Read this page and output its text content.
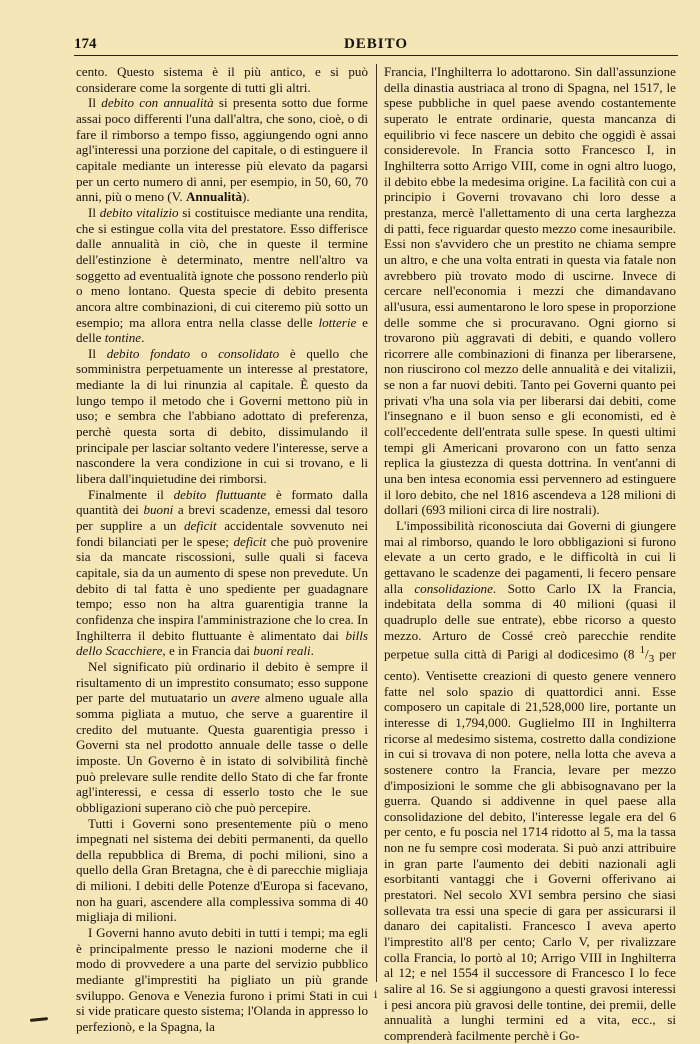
174	DEBITO

cento. Questo sistema è il più antico, e si può considerare come la sorgente di tutti gli altri.

Il debito con annualità si presenta sotto due forme assai poco differenti l'una dall'altra, che sono, cioè, o di fare il rimborso a tempo fisso, aggiungendo ogni anno agl'interessi una porzione del capitale, o di estinguere il capitale mediante un interesse più elevato da pagarsi per un certo numero di anni, per esempio, in 50, 60, 70 anni, più o meno (V. Annualità).

Il debito vitalizio si costituisce mediante una rendita, che si estingue colla vita del prestatore. Esso differisce dalle annualità in ciò, che in queste il termine dell'estinzione è determinato, mentre nell'altro va soggetto ad eventualità ignote che possono renderlo più o meno lontano. Questa specie di debito presenta ancora altre combinazioni, di cui citeremo più sotto un esempio; ma allora entra nella classe delle lotterie e delle tontine.

Il debito fondato o consolidato è quello che somministra perpetuamente un interesse al prestatore, mediante la di lui rinunzia al capitale. È questo da lungo tempo il metodo che i Governi mettono più in uso; e sembra che l'abbiano adottato di preferenza, perchè questa sorta di debito, dissimulando il principale per lasciar soltanto vedere l'interesse, serve a nascondere la vera condizione in cui si trovano, e li libera dall'inquietudine dei rimborsi.

Finalmente il debito fluttuante è formato dalla quantità dei buoni a brevi scadenze, emessi dal tesoro per supplire a un deficit accidentale sovvenuto nei fondi bilanciati per le spese; deficit che può provenire sia da mancate riscossioni, sulle quali si faceva capitale, sia da un aumento di spese non prevedute. Un debito di tal fatta è uno spediente per guadagnare tempo; esso non ha altra guarentigia tranne la confidenza che inspira l'amministrazione che lo crea. In Inghilterra il debito fluttuante è alimentato dai bills dello Scacchiere, e in Francia dai buoni reali.

Nel significato più ordinario il debito è sempre il risultamento di un imprestito consumato; esso suppone per parte del mutuatario un avere almeno uguale alla somma pigliata a mutuo, che serve a guarentire il credito del mutuante. Questa guarentigia presso i Governi sta nel prodotto annuale delle tasse o delle imposte. Un Governo è in istato di solvibilità finchè può prelevare sulle rendite dello Stato di che far fronte agl'interessi, e cessa di esserlo tosto che le sue obbligazioni superano ciò che può percepire.

Tutti i Governi sono presentemente più o meno impegnati nel sistema dei debiti permanenti, da quello della repubblica di Brema, di pochi milioni, sino a quello della Gran Bretagna, che è di parecchie migliaja di milioni. I debiti delle Potenze d'Europa si facevano, non ha guari, ascendere alla complessiva somma di 40 migliaja di milioni.

I Governi hanno avuto debiti in tutti i tempi; ma egli è principalmente presso le nazioni moderne che il modo di provvedere a una parte del servizio pubblico mediante gl'imprestiti ha pigliato un più grande sviluppo. Genova e Venezia furono i primi Stati in cui si vide praticare questo sistema; l'Olanda in appresso lo perfezionò, e la Spagna, la

Francia, l'Inghilterra lo adottarono. Sin dall'assunzione della dinastia austriaca al trono di Spagna, nel 1517, le spese pubbliche in quel paese avendo costantemente superato le entrate ordinarie, questa mancanza di equilibrio vi fece nascere un debito che oggidì è assai considerevole. In Francia sotto Francesco I, in Inghilterra sotto Arrigo VIII, come in ogni altro luogo, il debito ebbe la medesima origine. La facilità con cui a principio i Governi trovavano chi loro desse a prestanza, mercè l'allettamento di una certa larghezza di patti, fece riguardar questo mezzo come inesauribile. Essi non s'avvidero che un prestito ne chiama sempre un altro, e che una volta entrati in questa via fatale non avrebbero più trovato modo di uscirne. Invece di cercare nell'economia i mezzi che dimandavano all'usura, essi aumentarono le loro spese in proporzione delle somme che si procuravano. Ogni giorno si trovarono più aggravati di debiti, e quando vollero ricorrere alle combinazioni di finanza per liberarsene, non riuscirono col mezzo delle annualità e dei vitalizii, se non a far nuovi debiti. Tanto pei Governi quanto pei privati v'ha una sola via per liberarsi dai debiti, come l'insegnano e il buon senso e gli economisti, ed è coll'eccedente dell'entrata sulle spese. In questi ultimi tempi gli Americani provarono con un fatto senza replica la giustezza di questa dottrina. In vent'anni di una ben intesa economia essi pervennero ad estinguere il loro debito, che nel 1816 ascendeva a 128 milioni di dollari (693 milioni circa di lire nostrali).

L'impossibilità riconosciuta dai Governi di giungere mai al rimborso, quando le loro obbligazioni si furono elevate a un certo grado, e le difficoltà in cui li gettavano le scadenze dei pagamenti, li fecero pensare alla consolidazione. Sotto Carlo IX la Francia, indebitata della somma di 40 milioni (quasi il quadruplo delle sue entrate), ebbe ricorso a questo mezzo. Arturo de Cossé creò parecchie rendite perpetue sulla città di Parigi al dodicesimo (8 $^1/_3$ per cento). Ventisette creazioni di questo genere vennero fatte nel solo spazio di quattordici anni. Esse composero un capitale di 21,528,000 lire, portante un interesse di 1,794,000. Guglielmo III in Inghilterra ricorse al medesimo sistema, costretto dalla condizione in cui si trovava di non potere, nella lotta che aveva a sostenere contro la Francia, levare per mezzo d'imposizioni le somme che gli abbisognavano per la guerra. Quando si addivenne in quel paese alla consolidazione del debito, l'interesse legale era del 6 per cento, e fu poscia nel 1714 ridotto al 5, ma la tassa non ne fu sempre così moderata. Si può anzi attribuire in gran parte l'aumento dei debiti nazionali agli esorbitanti vantaggi che i Governi offerivano ai prestatori. Nel secolo XVI sembra persino che siasi sollevata tra essi una specie di gara per assicurarsi il danaro dei capitalisti. Francesco I aveva aperto l'imprestito all'8 per cento; Carlo V, per rivalizzare colla Francia, lo portò al 10; Arrigo VIII in Inghilterra al 12; e nel 1554 il successore di Francesco I lo fece salire al 16. Se si aggiungono a questi gravosi interessi i pesi ancora più gravosi delle tontine, dei premii, delle annualità a lunghi termini ed a vita, ecc., si comprenderà facilmente perchè i Go-

i
